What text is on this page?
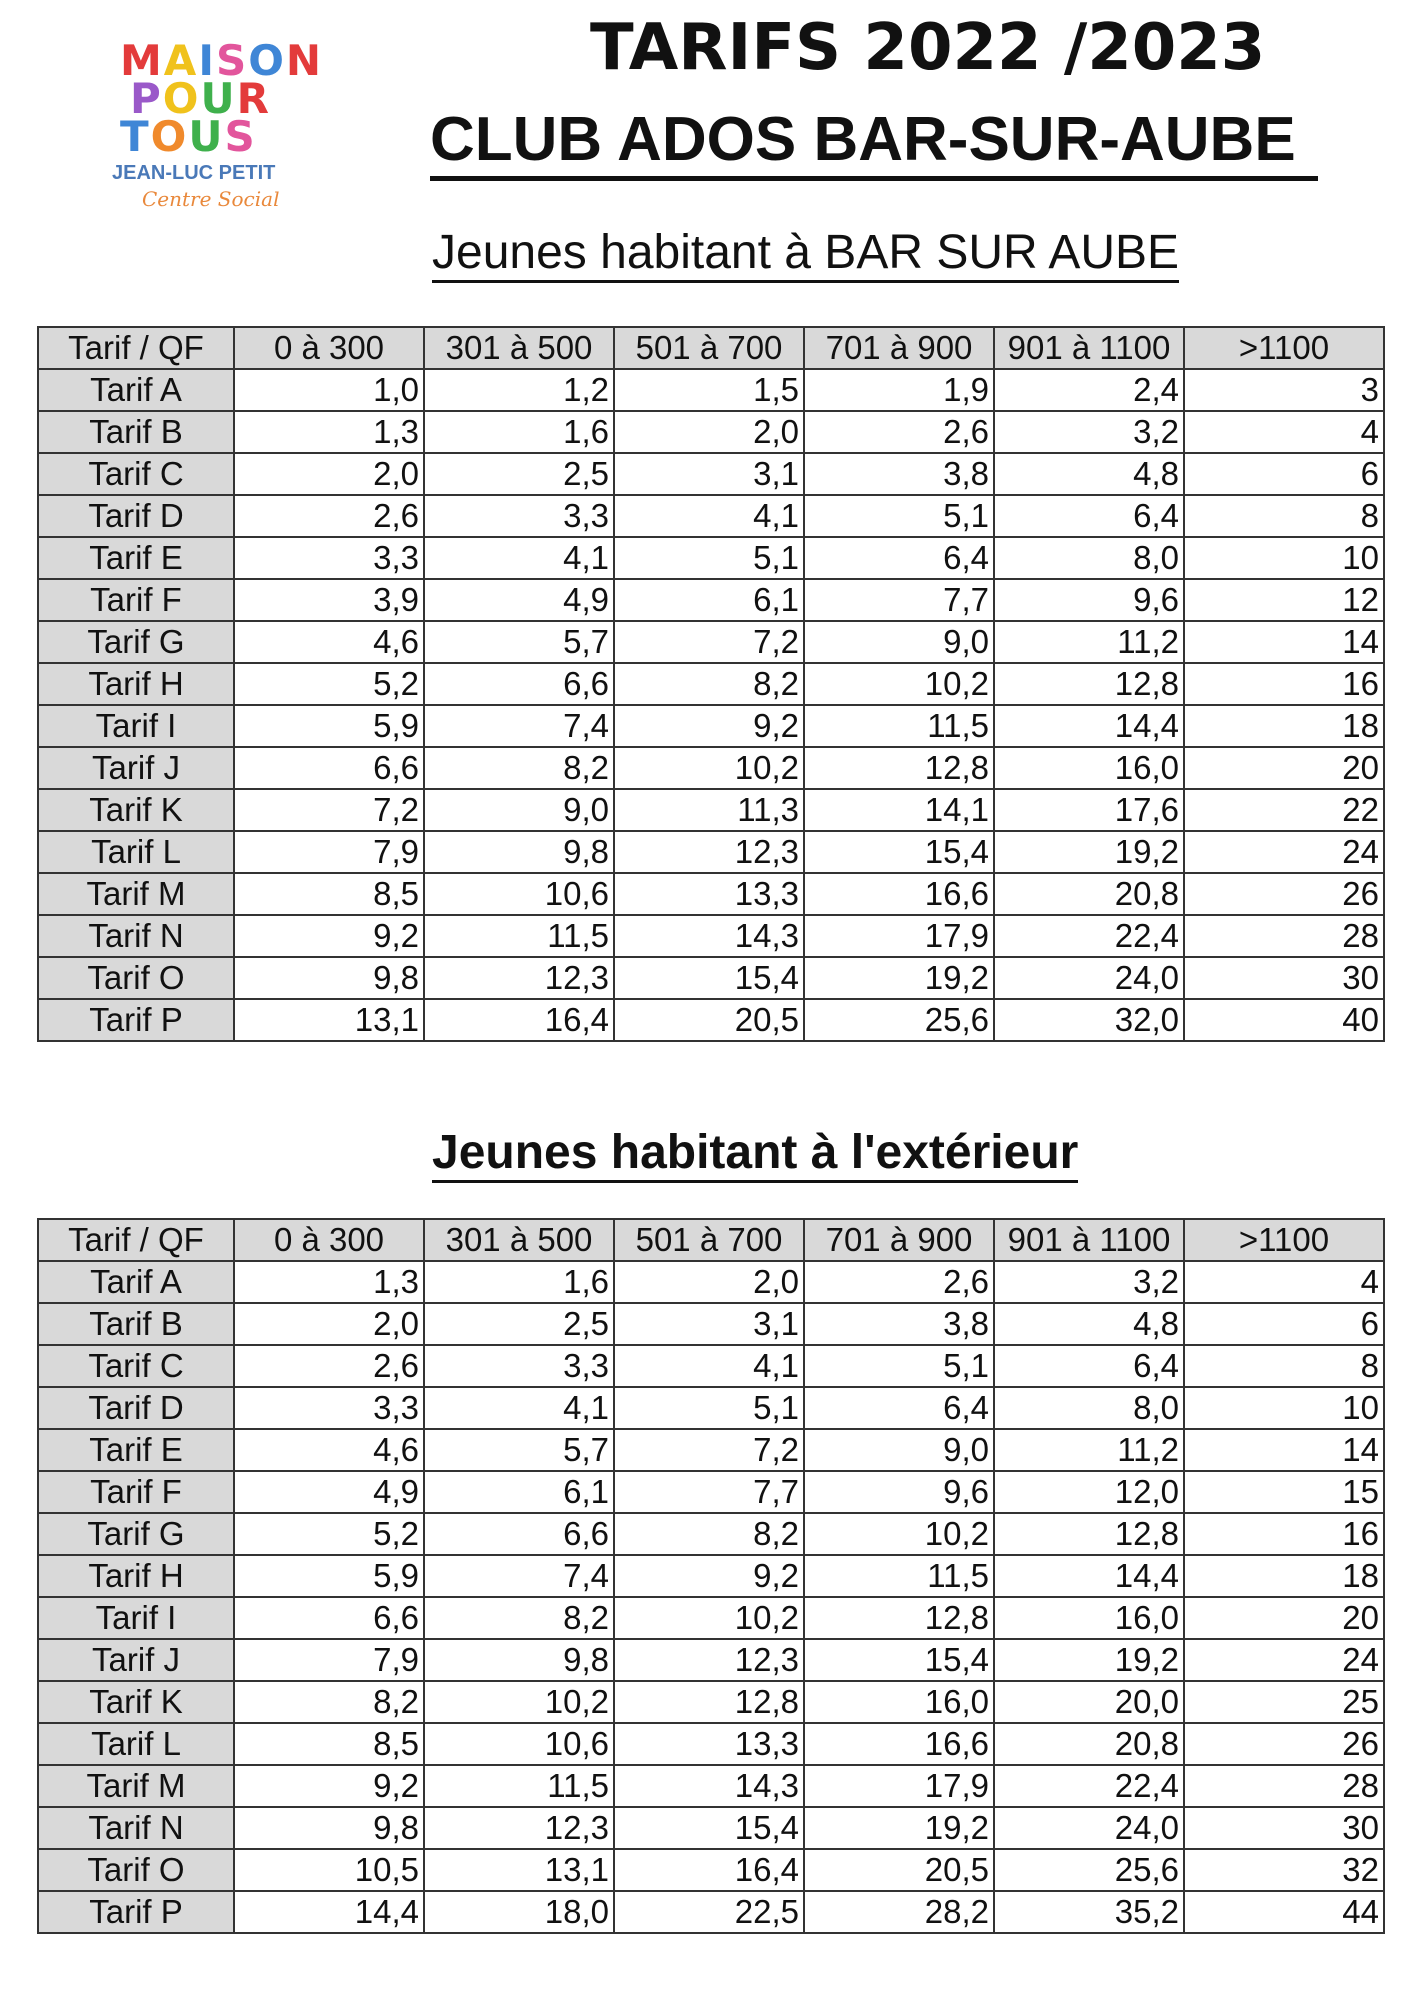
MAISON
POUR
TOUS
JEAN-LUC PETIT
Centre Social
TARIFS 2022 /2023
CLUB ADOS BAR-SUR-AUBE
Jeunes habitant à BAR SUR AUBE
Tarif / QF	0 à 300	301 à 500	501 à 700	701 à 900	901 à 1100	>1100
Tarif A	1,0	1,2	1,5	1,9	2,4	3
Tarif B	1,3	1,6	2,0	2,6	3,2	4
Tarif C	2,0	2,5	3,1	3,8	4,8	6
Tarif D	2,6	3,3	4,1	5,1	6,4	8
Tarif E	3,3	4,1	5,1	6,4	8,0	10
Tarif F	3,9	4,9	6,1	7,7	9,6	12
Tarif G	4,6	5,7	7,2	9,0	11,2	14
Tarif H	5,2	6,6	8,2	10,2	12,8	16
Tarif I	5,9	7,4	9,2	11,5	14,4	18
Tarif J	6,6	8,2	10,2	12,8	16,0	20
Tarif K	7,2	9,0	11,3	14,1	17,6	22
Tarif L	7,9	9,8	12,3	15,4	19,2	24
Tarif M	8,5	10,6	13,3	16,6	20,8	26
Tarif N	9,2	11,5	14,3	17,9	22,4	28
Tarif O	9,8	12,3	15,4	19,2	24,0	30
Tarif P	13,1	16,4	20,5	25,6	32,0	40
Jeunes habitant à l'extérieur
Tarif / QF	0 à 300	301 à 500	501 à 700	701 à 900	901 à 1100	>1100
Tarif A	1,3	1,6	2,0	2,6	3,2	4
Tarif B	2,0	2,5	3,1	3,8	4,8	6
Tarif C	2,6	3,3	4,1	5,1	6,4	8
Tarif D	3,3	4,1	5,1	6,4	8,0	10
Tarif E	4,6	5,7	7,2	9,0	11,2	14
Tarif F	4,9	6,1	7,7	9,6	12,0	15
Tarif G	5,2	6,6	8,2	10,2	12,8	16
Tarif H	5,9	7,4	9,2	11,5	14,4	18
Tarif I	6,6	8,2	10,2	12,8	16,0	20
Tarif J	7,9	9,8	12,3	15,4	19,2	24
Tarif K	8,2	10,2	12,8	16,0	20,0	25
Tarif L	8,5	10,6	13,3	16,6	20,8	26
Tarif M	9,2	11,5	14,3	17,9	22,4	28
Tarif N	9,8	12,3	15,4	19,2	24,0	30
Tarif O	10,5	13,1	16,4	20,5	25,6	32
Tarif P	14,4	18,0	22,5	28,2	35,2	44
